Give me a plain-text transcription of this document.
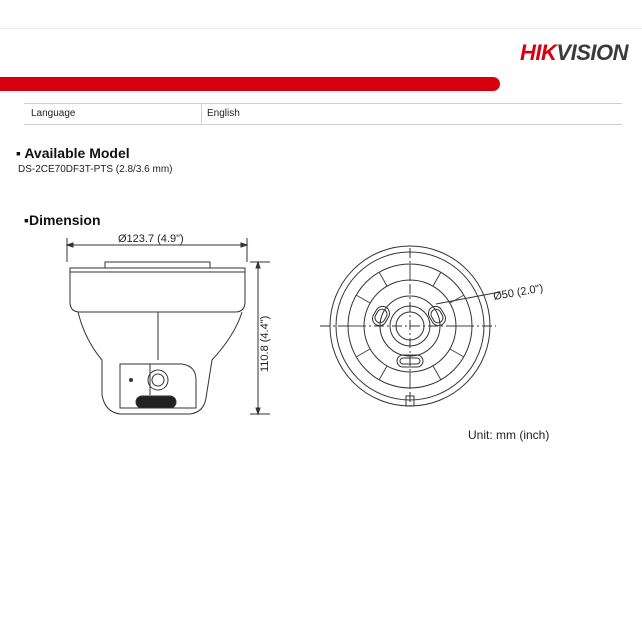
HIKVISION
Language	English
▪ Available Model
DS-2CE70DF3T-PTS (2.8/3.6 mm)
▪Dimension
Ø123.7 (4.9")
110.8 (4.4")
Ø50 (2.0")
Unit: mm (inch)
